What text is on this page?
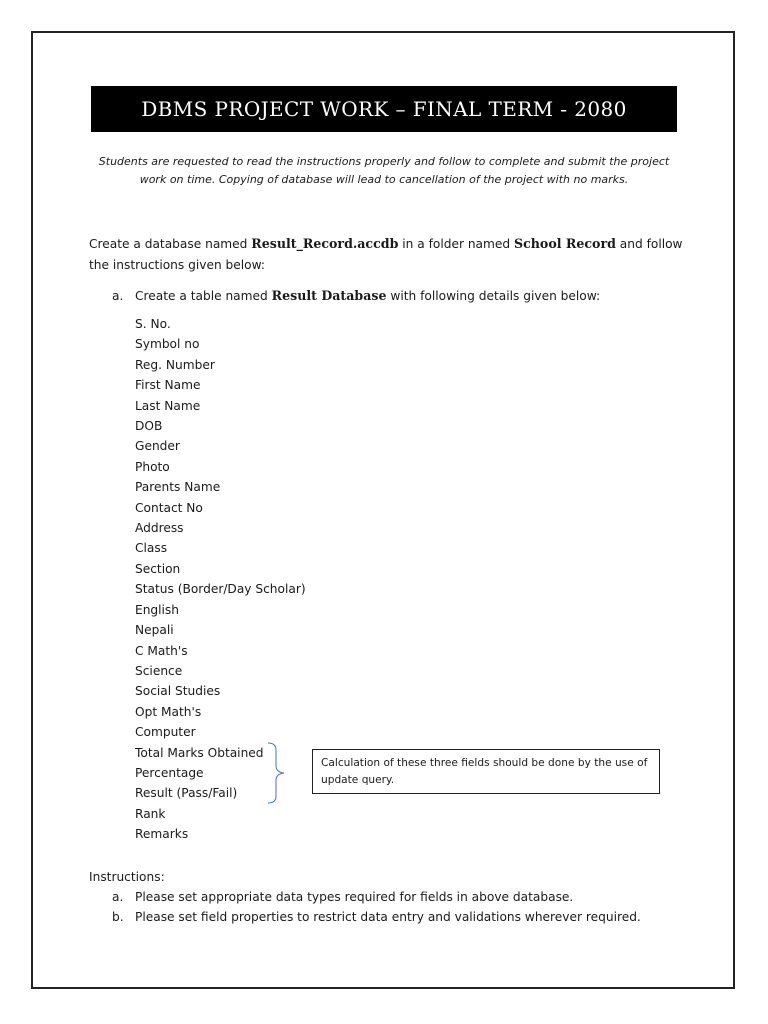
DBMS PROJECT WORK – FINAL TERM - 2080
Students are requested to read the instructions properly and follow to complete and submit the project work on time. Copying of database will lead to cancellation of the project with no marks.
Create a database named Result_Record.accdb in a folder named School Record and follow the instructions given below:
a. Create a table named Result Database with following details given below:
S. No.
Symbol no
Reg. Number
First Name
Last Name
DOB
Gender
Photo
Parents Name
Contact No
Address
Class
Section
Status (Border/Day Scholar)
English
Nepali
C Math's
Science
Social Studies
Opt Math's
Computer
Total Marks Obtained
Percentage
Result (Pass/Fail)
Rank
Remarks
Calculation of these three fields should be done by the use of update query.
Instructions:
a. Please set appropriate data types required for fields in above database.
b. Please set field properties to restrict data entry and validations wherever required.
